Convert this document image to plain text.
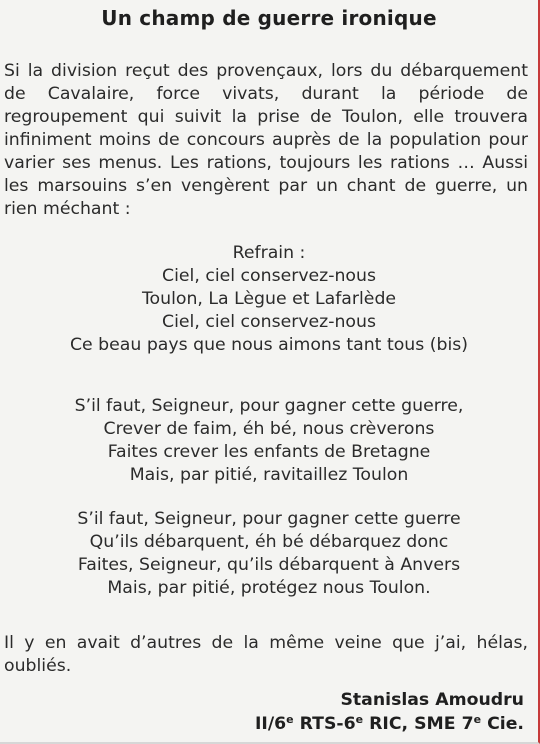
Un champ de guerre ironique
Si la division reçut des provençaux, lors du débarquement de Cavalaire, force vivats, durant la période de regroupement qui suivit la prise de Toulon, elle trouvera infiniment moins de concours auprès de la population pour varier ses menus. Les rations, toujours les rations … Aussi les marsouins s’en vengèrent par un chant de guerre, un rien méchant :
Refrain :
Ciel, ciel conservez-nous
Toulon, La Lègue et Lafarlède
Ciel, ciel conservez-nous
Ce beau pays que nous aimons tant tous (bis)
S’il faut, Seigneur, pour gagner cette guerre,
Crever de faim, éh bé, nous crèverons
Faites crever les enfants de Bretagne
Mais, par pitié, ravitaillez Toulon
S’il faut, Seigneur, pour gagner cette guerre
Qu’ils débarquent, éh bé débarquez donc
Faites, Seigneur, qu’ils débarquent à Anvers
Mais, par pitié, protégez nous Toulon.
Il y en avait d’autres de la même veine que j’ai, hélas, oubliés.
Stanislas Amoudru
II/6e RTS-6e RIC, SME 7e Cie.
